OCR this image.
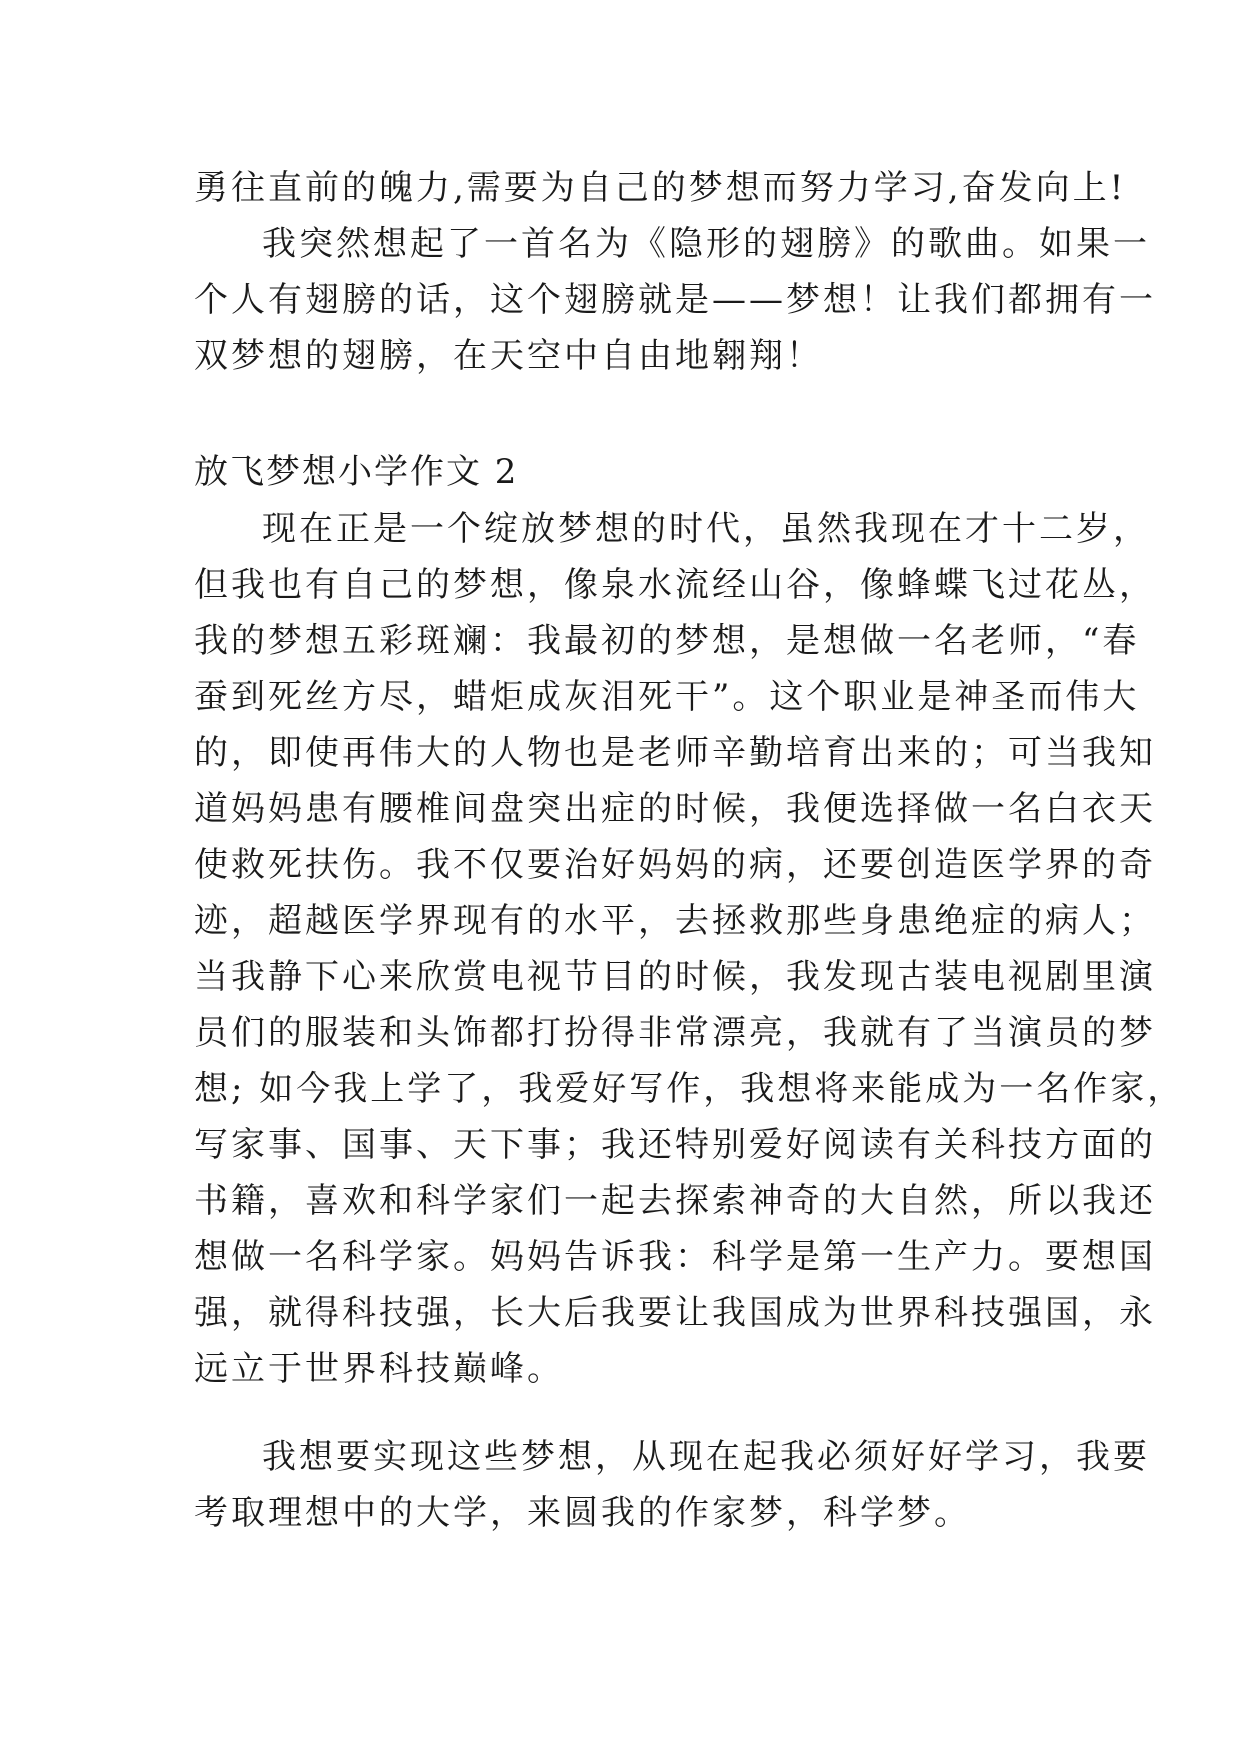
勇往直前的魄力,需要为自己的梦想而努力学习,奋发向上!
我突然想起了一首名为《隐形的翅膀》的歌曲。如果一
个人有翅膀的话，这个翅膀就是——梦想！让我们都拥有一
双梦想的翅膀，在天空中自由地翱翔！
放飞梦想小学作文 2
现在正是一个绽放梦想的时代，虽然我现在才十二岁，
但我也有自己的梦想，像泉水流经山谷，像蜂蝶飞过花丛，
我的梦想五彩斑斓：我最初的梦想，是想做一名老师，“春
蚕到死丝方尽，蜡炬成灰泪死干”。这个职业是神圣而伟大
的，即使再伟大的人物也是老师辛勤培育出来的；可当我知
道妈妈患有腰椎间盘突出症的时候，我便选择做一名白衣天
使救死扶伤。我不仅要治好妈妈的病，还要创造医学界的奇
迹，超越医学界现有的水平，去拯救那些身患绝症的病人；
当我静下心来欣赏电视节目的时候，我发现古装电视剧里演
员们的服装和头饰都打扮得非常漂亮，我就有了当演员的梦
想; 如今我上学了，我爱好写作，我想将来能成为一名作家，
写家事、国事、天下事；我还特别爱好阅读有关科技方面的
书籍，喜欢和科学家们一起去探索神奇的大自然，所以我还
想做一名科学家。妈妈告诉我：科学是第一生产力。要想国
强，就得科技强，长大后我要让我国成为世界科技强国，永
远立于世界科技巅峰。
我想要实现这些梦想，从现在起我必须好好学习，我要
考取理想中的大学，来圆我的作家梦，科学梦。
